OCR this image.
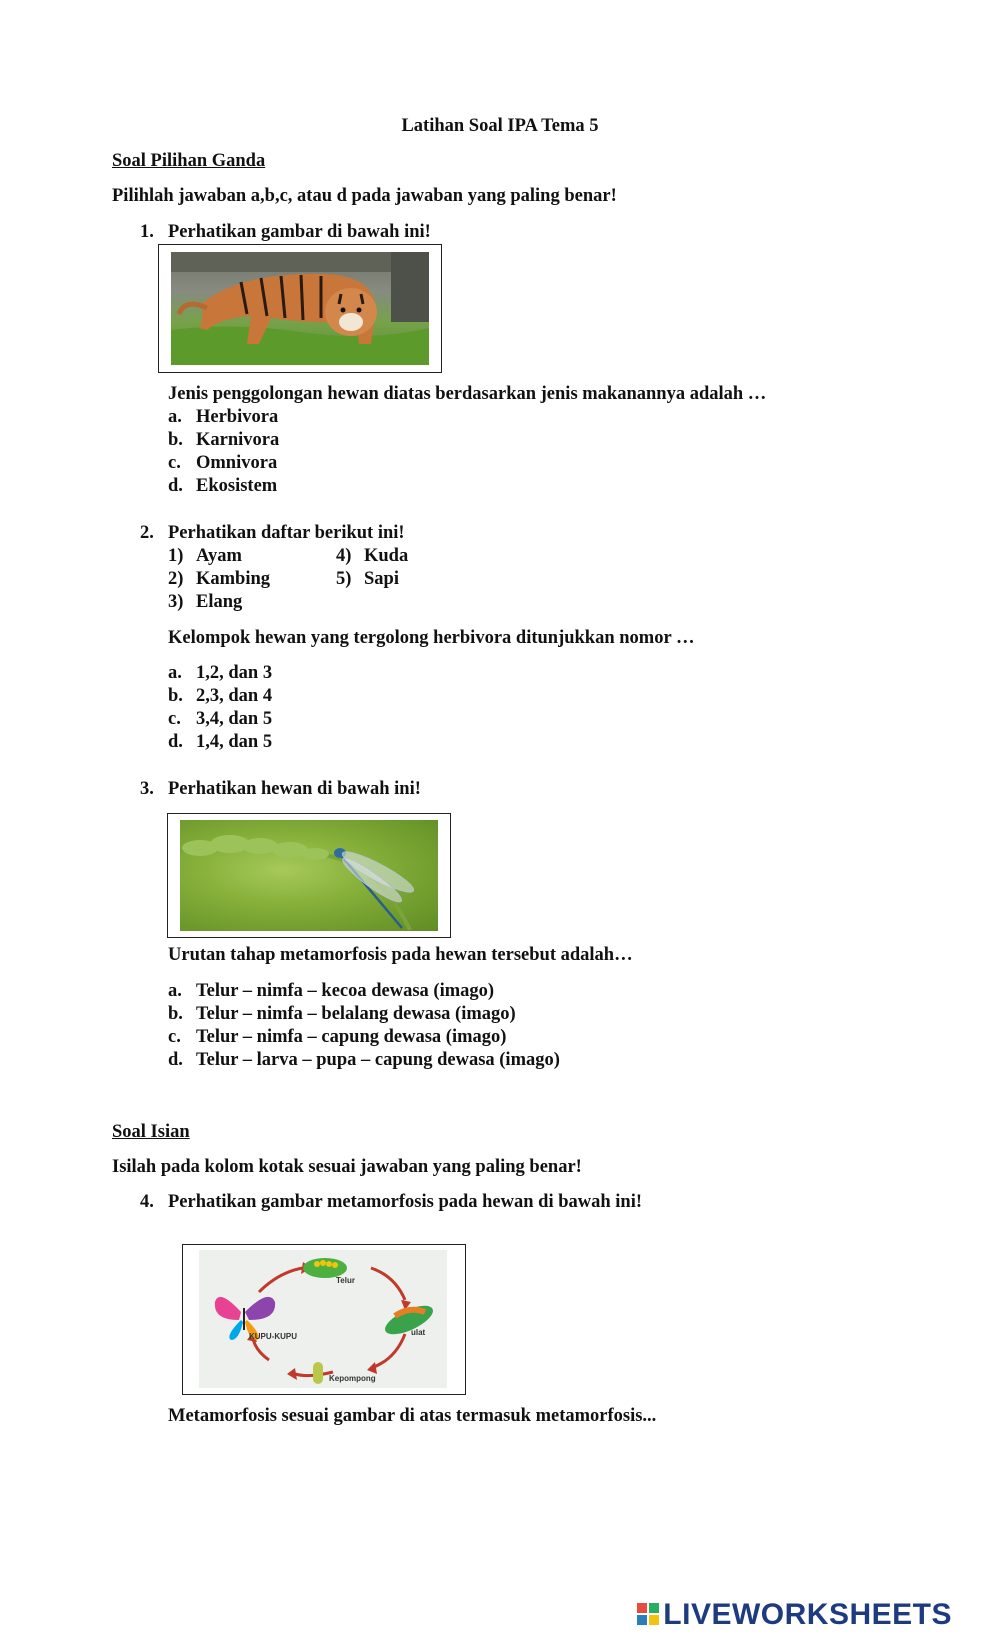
Latihan Soal IPA Tema 5
Soal Pilihan Ganda
Pilihlah jawaban a,b,c, atau d pada jawaban yang paling benar!
1. Perhatikan gambar di bawah ini!
Jenis penggolongan hewan diatas berdasarkan jenis makanannya adalah …
a. Herbivora
b. Karnivora
c. Omnivora
d. Ekosistem
2. Perhatikan daftar berikut ini!
1) Ayam
2) Kambing
3) Elang
4) Kuda
5) Sapi
Kelompok hewan yang tergolong herbivora ditunjukkan nomor …
a. 1,2, dan 3
b. 2,3, dan 4
c. 3,4, dan 5
d. 1,4, dan 5
3. Perhatikan hewan di bawah ini!
Urutan tahap metamorfosis pada hewan tersebut adalah…
a. Telur – nimfa – kecoa dewasa (imago)
b. Telur – nimfa – belalang dewasa (imago)
c. Telur – nimfa – capung dewasa (imago)
d. Telur – larva – pupa – capung dewasa (imago)
Soal Isian
Isilah pada kolom kotak sesuai jawaban yang paling benar!
4. Perhatikan gambar metamorfosis pada hewan di bawah ini!
Telur
ulat
Kepompong
KUPU-KUPU
Metamorfosis sesuai gambar di atas termasuk metamorfosis...
LIVEWORKSHEETS
